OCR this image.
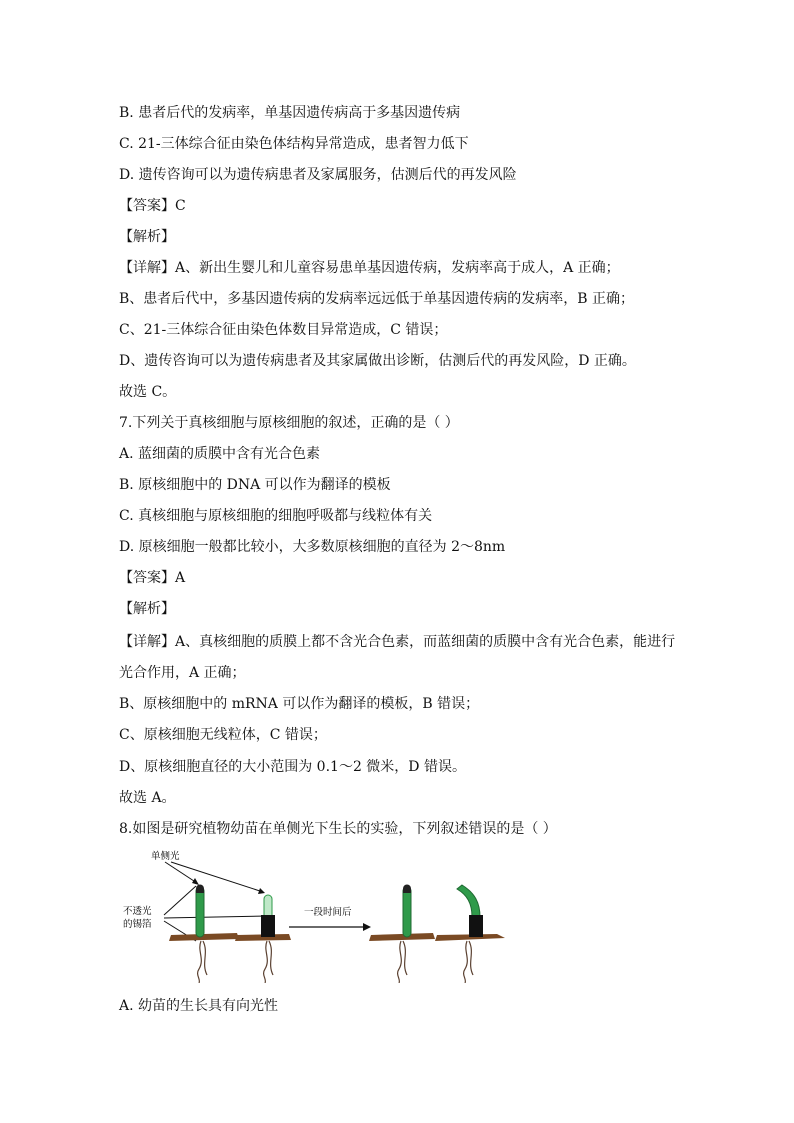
B. 患者后代的发病率，单基因遗传病高于多基因遗传病
C. 21-三体综合征由染色体结构异常造成，患者智力低下
D. 遗传咨询可以为遗传病患者及家属服务，估测后代的再发风险
【答案】C
【解析】
【详解】A、新出生婴儿和儿童容易患单基因遗传病，发病率高于成人，A 正确；
B、患者后代中，多基因遗传病的发病率远远低于单基因遗传病的发病率，B 正确；
C、21-三体综合征由染色体数目异常造成，C 错误；
D、遗传咨询可以为遗传病患者及其家属做出诊断，估测后代的再发风险，D 正确。
故选 C。
7.下列关于真核细胞与原核细胞的叙述，正确的是（ ）
A. 蓝细菌的质膜中含有光合色素
B. 原核细胞中的 DNA 可以作为翻译的模板
C. 真核细胞与原核细胞的细胞呼吸都与线粒体有关
D. 原核细胞一般都比较小，大多数原核细胞的直径为 2～8nm
【答案】A
【解析】
【详解】A、真核细胞的质膜上都不含光合色素，而蓝细菌的质膜中含有光合色素，能进行
光合作用，A 正确；
B、原核细胞中的 mRNA 可以作为翻译的模板，B 错误；
C、原核细胞无线粒体，C 错误；
D、原核细胞直径的大小范围为 0.1～2 微米，D 错误。
故选 A。
8.如图是研究植物幼苗在单侧光下生长的实验，下列叙述错误的是（ ）
单侧光
不透光
的锡箔
一段时间后
A. 幼苗的生长具有向光性
